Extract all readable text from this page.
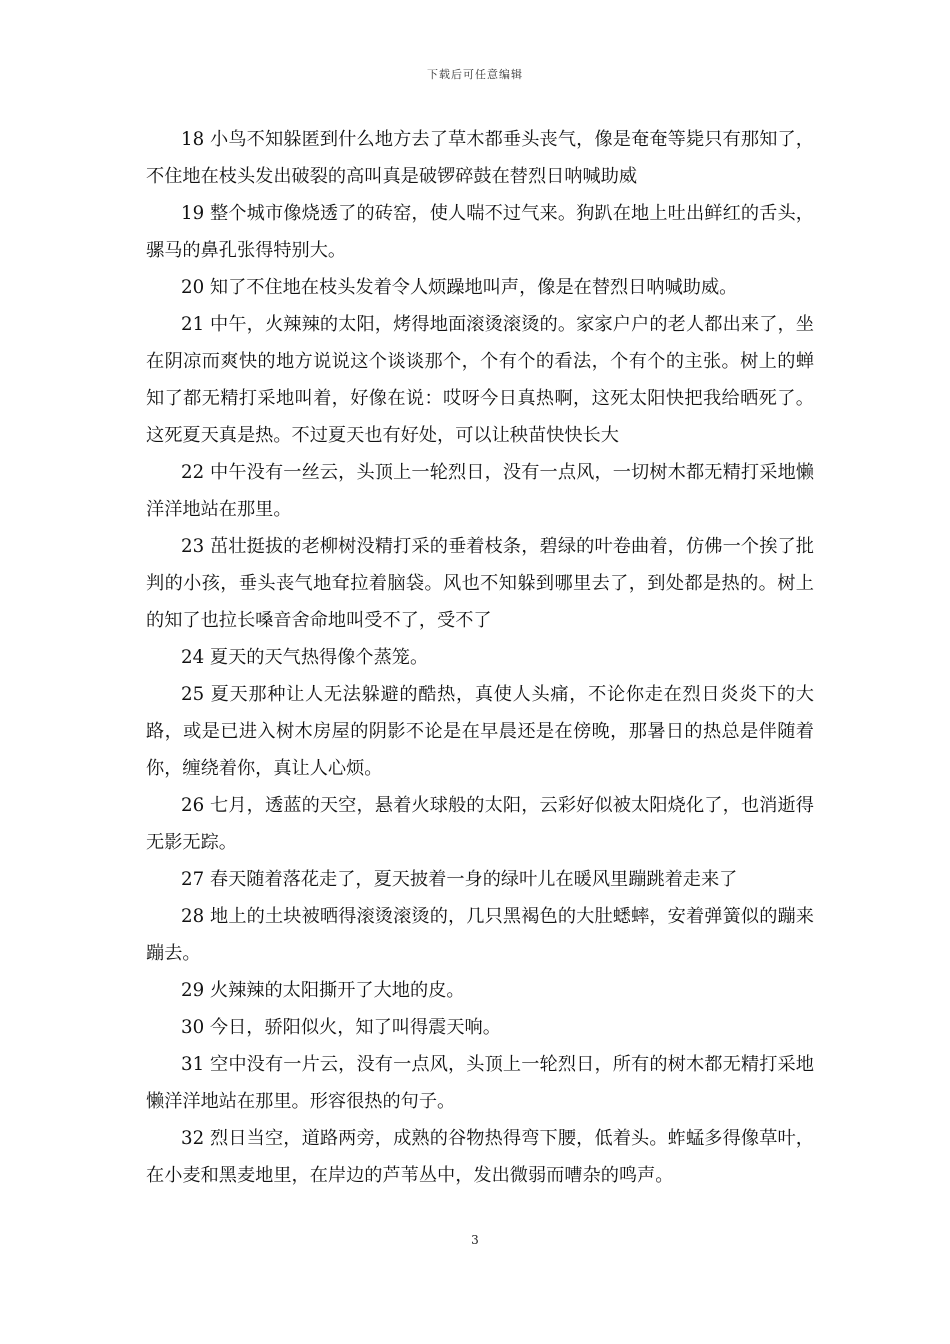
下载后可任意编辑

18 小鸟不知躲匿到什么地方去了草木都垂头丧气，像是奄奄等毙只有那知了，不住地在枝头发出破裂的高叫真是破锣碎鼓在替烈日呐喊助威

19 整个城市像烧透了的砖窑，使人喘不过气来。狗趴在地上吐出鲜红的舌头，骡马的鼻孔张得特别大。

20 知了不住地在枝头发着令人烦躁地叫声，像是在替烈日呐喊助威。

21 中午，火辣辣的太阳，烤得地面滚烫滚烫的。家家户户的老人都出来了，坐在阴凉而爽快的地方说说这个谈谈那个，个有个的看法，个有个的主张。树上的蝉知了都无精打采地叫着，好像在说：哎呀今日真热啊，这死太阳快把我给晒死了。这死夏天真是热。不过夏天也有好处，可以让秧苗快快长大

22 中午没有一丝云，头顶上一轮烈日，没有一点风，一切树木都无精打采地懒洋洋地站在那里。

23 茁壮挺拔的老柳树没精打采的垂着枝条，碧绿的叶卷曲着，仿佛一个挨了批判的小孩，垂头丧气地耷拉着脑袋。风也不知躲到哪里去了，到处都是热的。树上的知了也拉长嗓音舍命地叫受不了，受不了

24 夏天的天气热得像个蒸笼。

25 夏天那种让人无法躲避的酷热，真使人头痛，不论你走在烈日炎炎下的大路，或是已进入树木房屋的阴影不论是在早晨还是在傍晚，那暑日的热总是伴随着你，缠绕着你，真让人心烦。

26 七月，透蓝的天空，悬着火球般的太阳，云彩好似被太阳烧化了，也消逝得无影无踪。

27 春天随着落花走了，夏天披着一身的绿叶儿在暖风里蹦跳着走来了

28 地上的土块被晒得滚烫滚烫的，几只黑褐色的大肚蟋蟀，安着弹簧似的蹦来蹦去。

29 火辣辣的太阳撕开了大地的皮。

30 今日，骄阳似火，知了叫得震天响。

31 空中没有一片云，没有一点风，头顶上一轮烈日，所有的树木都无精打采地懒洋洋地站在那里。形容很热的句子。

32 烈日当空，道路两旁，成熟的谷物热得弯下腰，低着头。蚱蜢多得像草叶，在小麦和黑麦地里，在岸边的芦苇丛中，发出微弱而嘈杂的鸣声。

3
